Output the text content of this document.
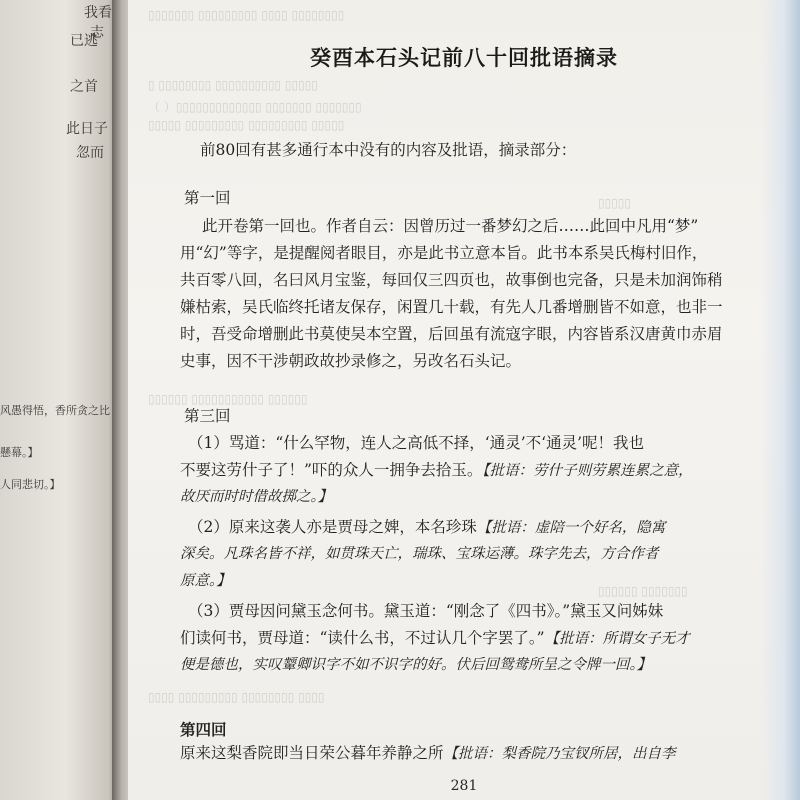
我看
志
已逃
之首
此日子
忽而
风愚得悟，香所贪之比
懸幕。】
人同悲切。】
▯▯▯▯▯▯▯ ▯▯▯▯▯▯▯▯▯ ▯▯▯▯ ▯▯▯▯▯▯▯▯
▯ ▯▯▯▯▯▯▯▯ ▯▯▯▯▯▯▯▯▯▯ ▯▯▯▯▯
（ ）▯▯▯▯▯▯▯▯▯▯▯▯▯ ▯▯▯▯▯▯▯ ▯▯▯▯▯▯▯
▯▯▯▯▯ ▯▯▯▯▯▯▯▯▯ ▯▯▯▯▯▯▯▯▯ ▯▯▯▯▯
▯▯▯▯▯
▯▯▯▯▯▯ ▯▯▯▯▯▯▯▯▯▯▯ ▯▯▯▯▯▯
▯▯▯▯▯▯ ▯▯▯▯▯▯▯
▯▯▯▯ ▯▯▯▯▯▯▯▯▯ ▯▯▯▯▯▯▯▯ ▯▯▯▯
癸酉本石头记前八十回批语摘录
前80回有甚多通行本中没有的内容及批语，摘录部分：
第一回
此开卷第一回也。作者自云：因曾历过一番梦幻之后……此回中凡用“梦”
用“幻”等字，是提醒阅者眼目，亦是此书立意本旨。此书本系吴氏梅村旧作，
共百零八回，名曰风月宝鉴，每回仅三四页也，故事倒也完备，只是未加润饰稍
嫌枯索，吴氏临终托诸友保存，闲置几十载，有先人几番增删皆不如意，也非一
时，吾受命增删此书莫使吴本空置，后回虽有流寇字眼，内容皆系汉唐黄巾赤眉
史事，因不干涉朝政故抄录修之，另改名石头记。
第三回
（1）骂道：“什么罕物，连人之高低不择，‘通灵’不‘通灵’呢！我也
不要这劳什子了！”吓的众人一拥争去拾玉。【批语：劳什子则劳累连累之意，
故厌而时时借故掷之。】
（2）原来这袭人亦是贾母之婢，本名珍珠【批语：虚陪一个好名，隐寓
深矣。凡珠名皆不祥，如贯珠天亡，瑞珠、宝珠运薄。珠字先去，方合作者
原意。】
（3）贾母因问黛玉念何书。黛玉道：“刚念了《四书》。”黛玉又问姊妹
们读何书，贾母道：“读什么书，不过认几个字罢了。”【批语：所谓女子无才
便是德也，实叹颦卿识字不如不识字的好。伏后回鸳鸯所呈之令牌一回。】
第四回
原来这梨香院即当日荣公暮年养静之所【批语：梨香院乃宝钗所居，出自李
281
